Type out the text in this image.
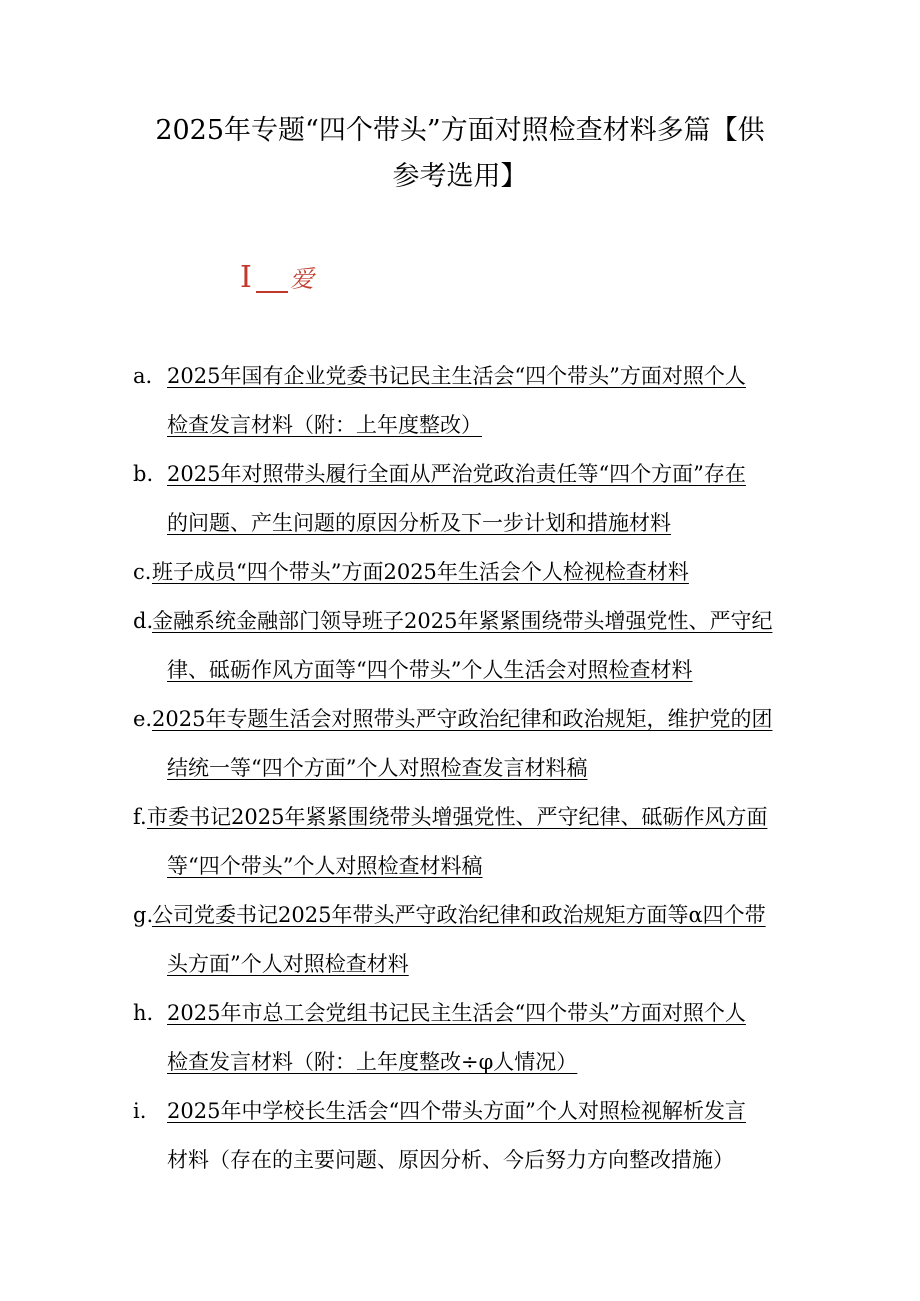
2025年专题“四个带头”方面对照检查材料多篇【供
参考选用】
I 爱
a. 2025年国有企业党委书记民主生活会“四个带头”方面对照个人
检查发言材料（附：上年度整改）
b. 2025年对照带头履行全面从严治党政治责任等“四个方面”存在
的问题、产生问题的原因分析及下一步计划和措施材料
c. 班子成员“四个带头”方面2025年生活会个人检视检查材料
d.
金融系统金融部门领导班子2025年紧紧围绕带头增强党性、严守纪
律、砥砺作风方面等“四个带头”个人生活会对照检查材料
e. 2025年专题生活会对照带头严守政治纪律和政治规矩，维护党的团
结统一等“四个方面”个人对照检查发言材料稿
f. 市委书记2025年紧紧围绕带头增强党性、严守纪律、砥砺作风方面
等“四个带头”个人对照检查材料稿
g.
公司党委书记2025年带头严守政治纪律和政治规矩方面等α四个带
头方面”个人对照检查材料
h. 2025年市总工会党组书记民主生活会“四个带头”方面对照个人
检查发言材料（附：上年度整改÷φ人情况）
i. 2025年中学校长生活会“四个带头方面”个人对照检视解析发言
材料（存在的主要问题、原因分析、今后努力方向整改措施）
